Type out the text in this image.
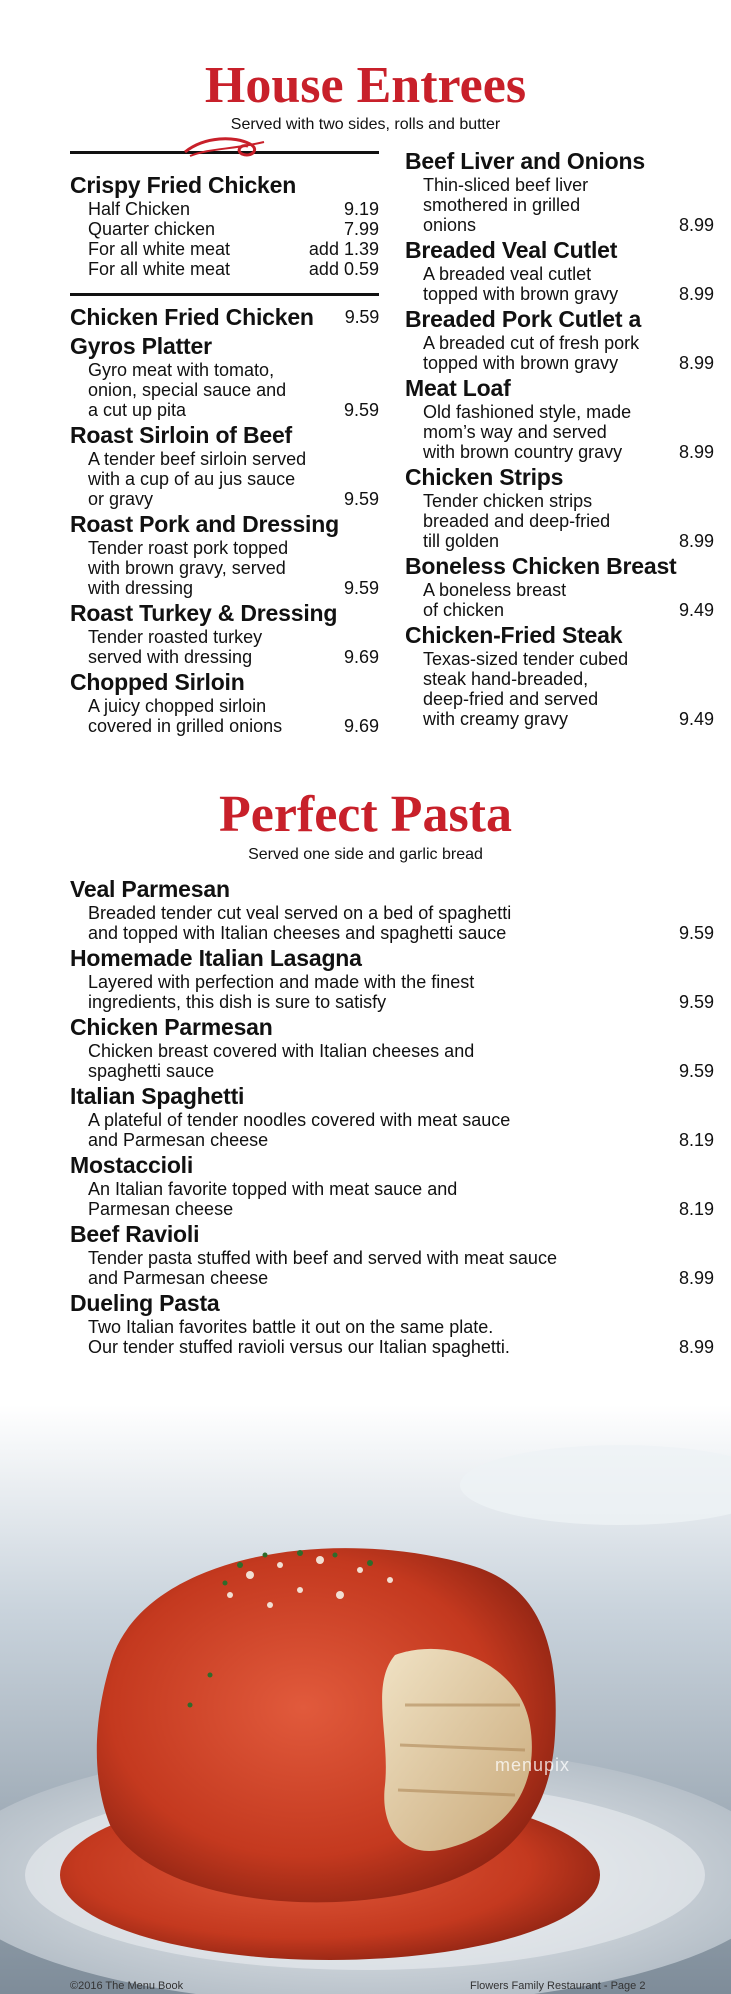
House Entrees
Served with two sides, rolls and butter
Crispy Fried Chicken
Half Chicken	9.19
Quarter chicken	7.99
For all white meat	add 1.39
For all white meat	add 0.59
Chicken Fried Chicken 9.59
Gyros Platter
Gyro meat with tomato,
onion, special sauce and
a cut up pita	9.59
Roast Sirloin of Beef
A tender beef sirloin served
with a cup of au jus sauce
or gravy	9.59
Roast Pork and Dressing
Tender roast pork topped
with brown gravy, served
with dressing	9.59
Roast Turkey & Dressing
Tender roasted turkey
served with dressing	9.69
Chopped Sirloin
A juicy chopped sirloin
covered in grilled onions	9.69
Beef Liver and Onions
Thin-sliced beef liver
smothered in grilled
onions	8.99
Breaded Veal Cutlet
A breaded veal cutlet
topped with brown gravy	8.99
Breaded Pork Cutlet a
A breaded cut of fresh pork
topped with brown gravy	8.99
Meat Loaf
Old fashioned style, made
mom’s way and served
with brown country gravy	8.99
Chicken Strips
Tender chicken strips
breaded and deep-fried
till golden	8.99
Boneless Chicken Breast
A boneless breast
of chicken	9.49
Chicken-Fried Steak
Texas-sized tender cubed
steak hand-breaded,
deep-fried and served
with creamy gravy	9.49
Perfect Pasta
Served one side and garlic bread
Veal Parmesan
Breaded tender cut veal served on a bed of spaghetti
and topped with Italian cheeses and spaghetti sauce	9.59
Homemade Italian Lasagna
Layered with perfection and made with the finest
ingredients, this dish is sure to satisfy	9.59
Chicken Parmesan
Chicken breast covered with Italian cheeses and
spaghetti sauce	9.59
Italian Spaghetti
A plateful of tender noodles covered with meat sauce
and Parmesan cheese	8.19
Mostaccioli
An Italian favorite topped with meat sauce and
Parmesan cheese	8.19
Beef Ravioli
Tender pasta stuffed with beef and served with meat sauce
and Parmesan cheese	8.99
Dueling Pasta
Two Italian favorites battle it out on the same plate.
Our tender stuffed ravioli versus our Italian spaghetti.	8.99
menupix
©2016 The Menu Book	Flowers Family Restaurant - Page 2
